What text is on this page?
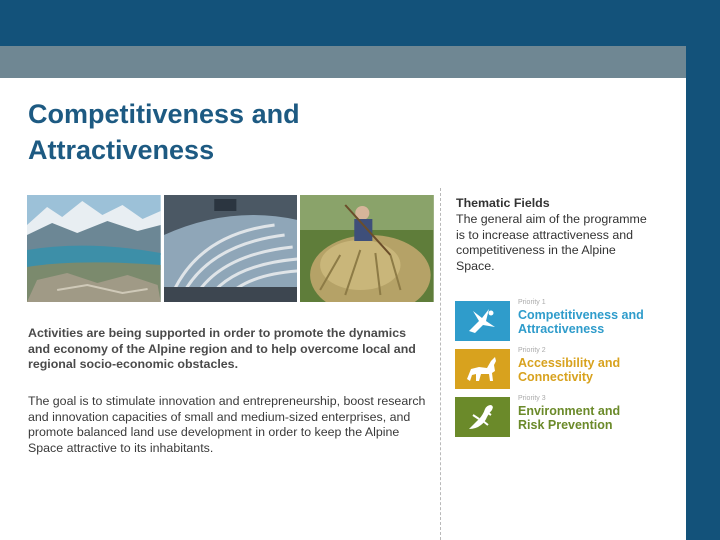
Competitiveness and
Attractiveness

Activities are being supported in order to promote the dynamics and economy of the Alpine region and to help overcome local and regional socio-economic obstacles.

The goal is to stimulate innovation and entrepreneurship, boost research and innovation capacities of small and medium-sized enterprises, and promote balanced land use development in order to keep the Alpine Space attractive to its inhabitants.

Thematic Fields

The general aim of the programme is to increase attractiveness and competitiveness in the Alpine Space.

Priority 1
Competitiveness and
Attractiveness
Priority 2
Accessibility and
Connectivity
Priority 3
Environment and
Risk Prevention
